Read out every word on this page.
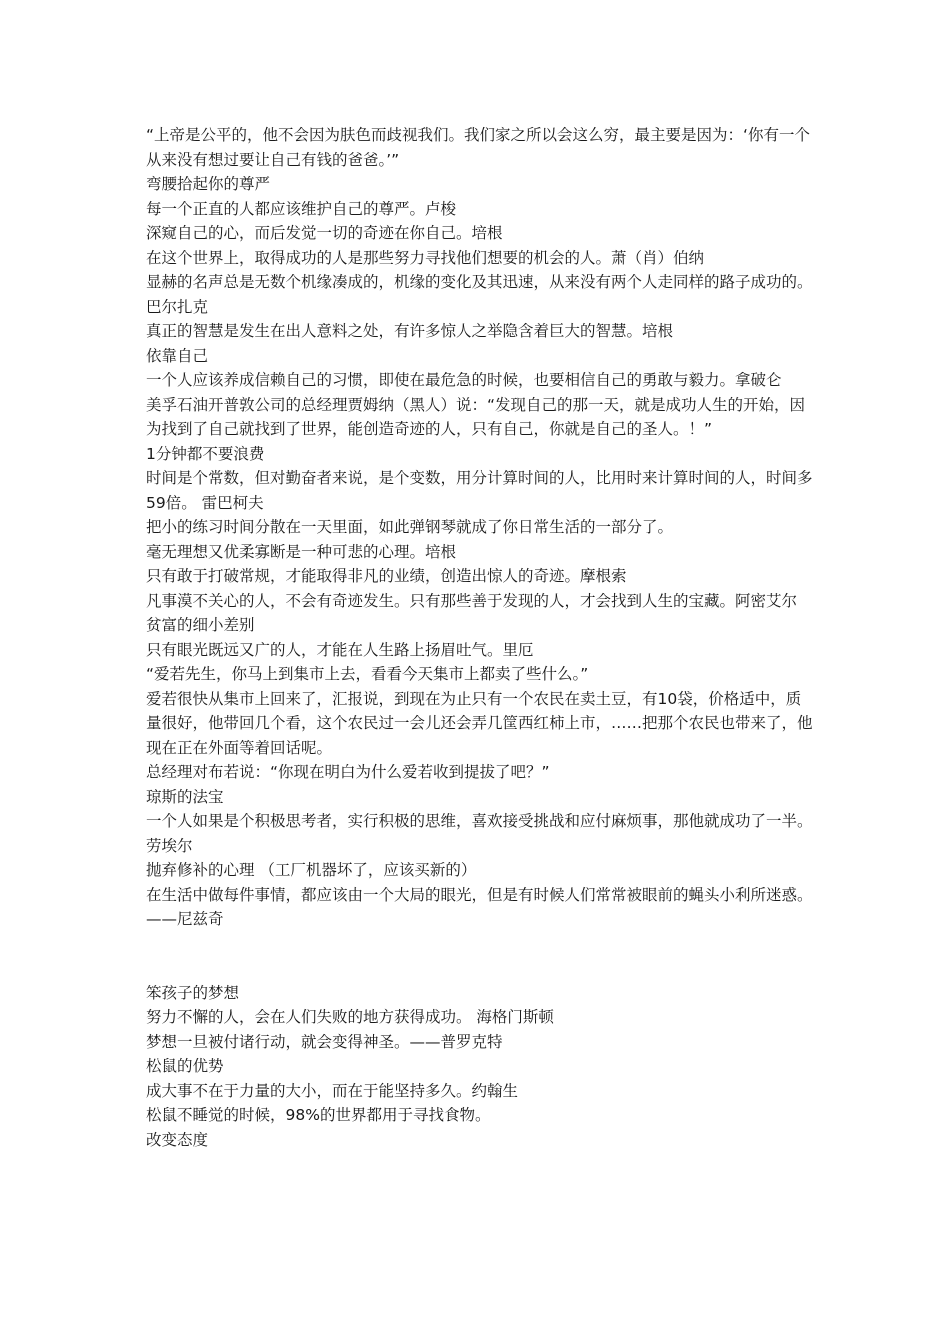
“上帝是公平的，他不会因为肤色而歧视我们。我们家之所以会这么穷，最主要是因为：‘你有一个从来没有想过要让自己有钱的爸爸。’”

弯腰拾起你的尊严

每一个正直的人都应该维护自己的尊严。卢梭

深窥自己的心，而后发觉一切的奇迹在你自己。培根

在这个世界上，取得成功的人是那些努力寻找他们想要的机会的人。萧（肖）伯纳

显赫的名声总是无数个机缘凑成的，机缘的变化及其迅速，从来没有两个人走同样的路子成功的。巴尔扎克

真正的智慧是发生在出人意料之处，有许多惊人之举隐含着巨大的智慧。培根

依靠自己

一个人应该养成信赖自己的习惯，即使在最危急的时候，也要相信自己的勇敢与毅力。拿破仑

美孚石油开普敦公司的总经理贾姆纳（黑人）说：“发现自己的那一天，就是成功人生的开始，因为找到了自己就找到了世界，能创造奇迹的人，只有自己，你就是自己的圣人。！”

1分钟都不要浪费

时间是个常数，但对勤奋者来说，是个变数，用分计算时间的人，比用时来计算时间的人，时间多59倍。 雷巴柯夫

把小的练习时间分散在一天里面，如此弹钢琴就成了你日常生活的一部分了。

毫无理想又优柔寡断是一种可悲的心理。培根

只有敢于打破常规，才能取得非凡的业绩，创造出惊人的奇迹。摩根索

凡事漠不关心的人，不会有奇迹发生。只有那些善于发现的人，才会找到人生的宝藏。阿密艾尔

贫富的细小差别

只有眼光既远又广的人，才能在人生路上扬眉吐气。里厄

“爱若先生，你马上到集市上去，看看今天集市上都卖了些什么。”

爱若很快从集市上回来了，汇报说，到现在为止只有一个农民在卖土豆，有10袋，价格适中，质量很好，他带回几个看，这个农民过一会儿还会弄几筐西红柿上市，……把那个农民也带来了，他现在正在外面等着回话呢。

总经理对布若说：“你现在明白为什么爱若收到提拔了吧？”

琼斯的法宝

一个人如果是个积极思考者，实行积极的思维，喜欢接受挑战和应付麻烦事，那他就成功了一半。劳埃尔

抛弃修补的心理 （工厂机器坏了，应该买新的）

在生活中做每件事情，都应该由一个大局的眼光，但是有时候人们常常被眼前的蝇头小利所迷惑。——尼兹奇

笨孩子的梦想

努力不懈的人，会在人们失败的地方获得成功。 海格门斯顿

梦想一旦被付诸行动，就会变得神圣。——普罗克特

松鼠的优势

成大事不在于力量的大小，而在于能坚持多久。约翰生

松鼠不睡觉的时候，98%的世界都用于寻找食物。

改变态度
